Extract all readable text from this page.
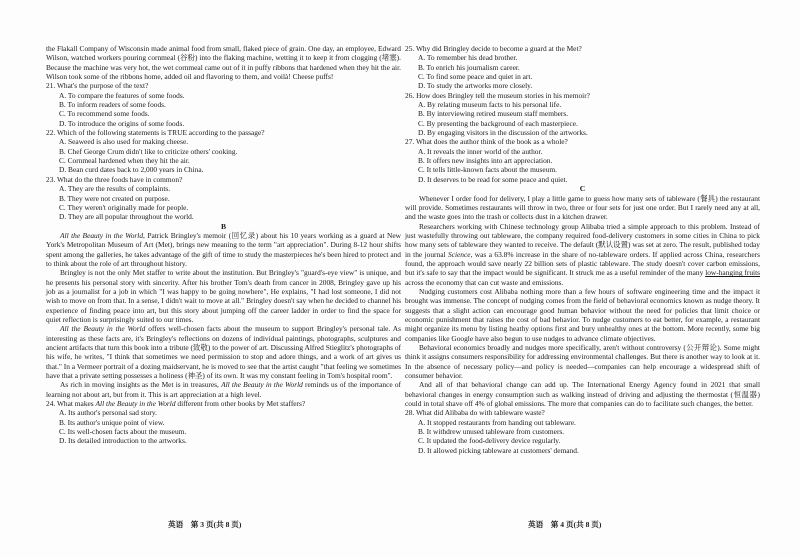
the Flakall Company of Wisconsin made animal food from small, flaked piece of grain. One day, an employee, Edward Wilson, watched workers pouring cornmeal (谷粉) into the flaking machine, wetting it to keep it from clogging (堵塞). Because the machine was very hot, the wet cornmeal came out of it in puffy ribbons that hardened when they hit the air. Wilson took some of the ribbons home, added oil and flavoring to them, and voilà! Cheese puffs!

21. What's the purpose of the text?

A. To compare the features of some foods.
B. To inform readers of some foods.
C. To recommend some foods.
D. To introduce the origins of some foods.

22. Which of the following statements is TRUE according to the passage?

A. Seaweed is also used for making cheese.
B. Chef George Crum didn't like to criticize others' cooking.
C. Cornmeal hardened when they hit the air.
D. Bean curd dates back to 2,000 years in China.

23. What do the three foods have in common?

A. They are the results of complaints.
B. They were not created on purpose.
C. They weren't originally made for people.
D. They are all popular throughout the world.

B

All the Beauty in the World, Patrick Bringley's memoir (回忆录) about his 10 years working as a guard at New York's Metropolitan Museum of Art (Met), brings new meaning to the term "art appreciation". During 8-12 hour shifts spent among the galleries, he takes advantage of the gift of time to study the masterpieces he's been hired to protect and to think about the role of art throughout history.

Bringley is not the only Met staffer to write about the institution. But Bringley's "guard's-eye view" is unique, and he presents his personal story with sincerity. After his brother Tom's death from cancer in 2008, Bringley gave up his job as a journalist for a job in which "I was happy to be going nowhere", He explains, "I had lost someone, I did not wish to move on from that. In a sense, I didn't wait to move at all." Bringley doesn't say when he decided to channel his experience of finding peace into art, but this story about jumping off the career ladder in order to find the space for quiet reflection is surprisingly suited to our times.

All the Beauty in the World offers well-chosen facts about the museum to support Bringley's personal tale. As interesting as these facts are, it's Bringley's reflections on dozens of individual paintings, photographs, sculptures and ancient artifacts that turn this book into a tribute (致敬) to the power of art. Discussing Alfred Stieglitz's photographs of his wife, he writes, "I think that sometimes we need permission to stop and adore things, and a work of art gives us that." In a Vermeer portrait of a dozing maidservant, he is moved to see that the artist caught "that feeling we sometimes have that a private setting possesses a holiness (神圣) of its own. It was my constant feeling in Tom's hospital room".

As rich in moving insights as the Met is in treasures, All the Beauty in the World reminds us of the importance of learning not about art, but from it. This is art appreciation at a high level.

24. What makes All the Beauty in the World different from other books by Met staffers?

A. Its author's personal sad story.
B. Its author's unique point of view.
C. Its well-chosen facts about the museum.
D. Its detailed introduction to the artworks.

25. Why did Bringley decide to become a guard at the Met?

A. To remember his dead brother.
B. To enrich his journalism career.
C. To find some peace and quiet in art.
D. To study the artworks more closely.

26. How does Bringley tell the museum stories in his memoir?

A. By relating museum facts to his personal life.
B. By interviewing retired museum staff members.
C. By presenting the background of each masterpiece.
D. By engaging visitors in the discussion of the artworks.

27. What does the author think of the book as a whole?

A. It reveals the inner world of the author.
B. It offers new insights into art appreciation.
C. It tells little-known facts about the museum.
D. It deserves to be read for some peace and quiet.

C

Whenever I order food for delivery, I play a little game to guess how many sets of tableware (餐具) the restaurant will provide. Sometimes restaurants will throw in two, three or four sets for just one order. But I rarely need any at all, and the waste goes into the trash or collects dust in a kitchen drawer.

Researchers working with Chinese technology group Alibaba tried a simple approach to this problem. Instead of just wastefully throwing out tableware, the company required food-delivery customers in some cities in China to pick how many sets of tableware they wanted to receive. The default (默认设置) was set at zero. The result, published today in the journal Science, was a 63.8% increase in the share of no-tableware orders. If applied across China, researchers found, the approach would save nearly 22 billion sets of plastic tableware. The study doesn't cover carbon emissions, but it's safe to say that the impact would be significant. It struck me as a useful reminder of the many low-hanging fruits across the economy that can cut waste and emissions.

Nudging customers cost Alibaba nothing more than a few hours of software engineering time and the impact it brought was immense. The concept of nudging comes from the field of behavioral economics known as nudge theory. It suggests that a slight action can encourage good human behavior without the need for policies that limit choice or economic punishment that raises the cost of bad behavior. To nudge customers to eat better, for example, a restaurant might organize its menu by listing heathy options first and bury unhealthy ones at the bottom. More recently, some big companies like Google have also begun to use nudges to advance climate objectives.

Behavioral economics broadly and nudges more specifically, aren't without controversy (公开辩论). Some might think it assigns consumers responsibility for addressing environmental challenges. But there is another way to look at it. In the absence of necessary policy—and policy is needed—companies can help encourage a widespread shift of consumer behavior.

And all of that behavioral change can add up. The International Energy Agency found in 2021 that small behavioral changes in energy consumption such as walking instead of driving and adjusting the thermostat (恒温器) could in total shave off 4% of global emissions. The more that companies can do to facilitate such changes, the better.

28. What did Alibaba do with tableware waste?

A. It stopped restaurants from handing out tableware.
B. It withdrew unused tableware from customers.
C. It updated the food-delivery device regularly.
D. It allowed picking tableware at customers' demand.
英语　第 3 页(共 8 页)	英语　第 4 页(共 8 页)
